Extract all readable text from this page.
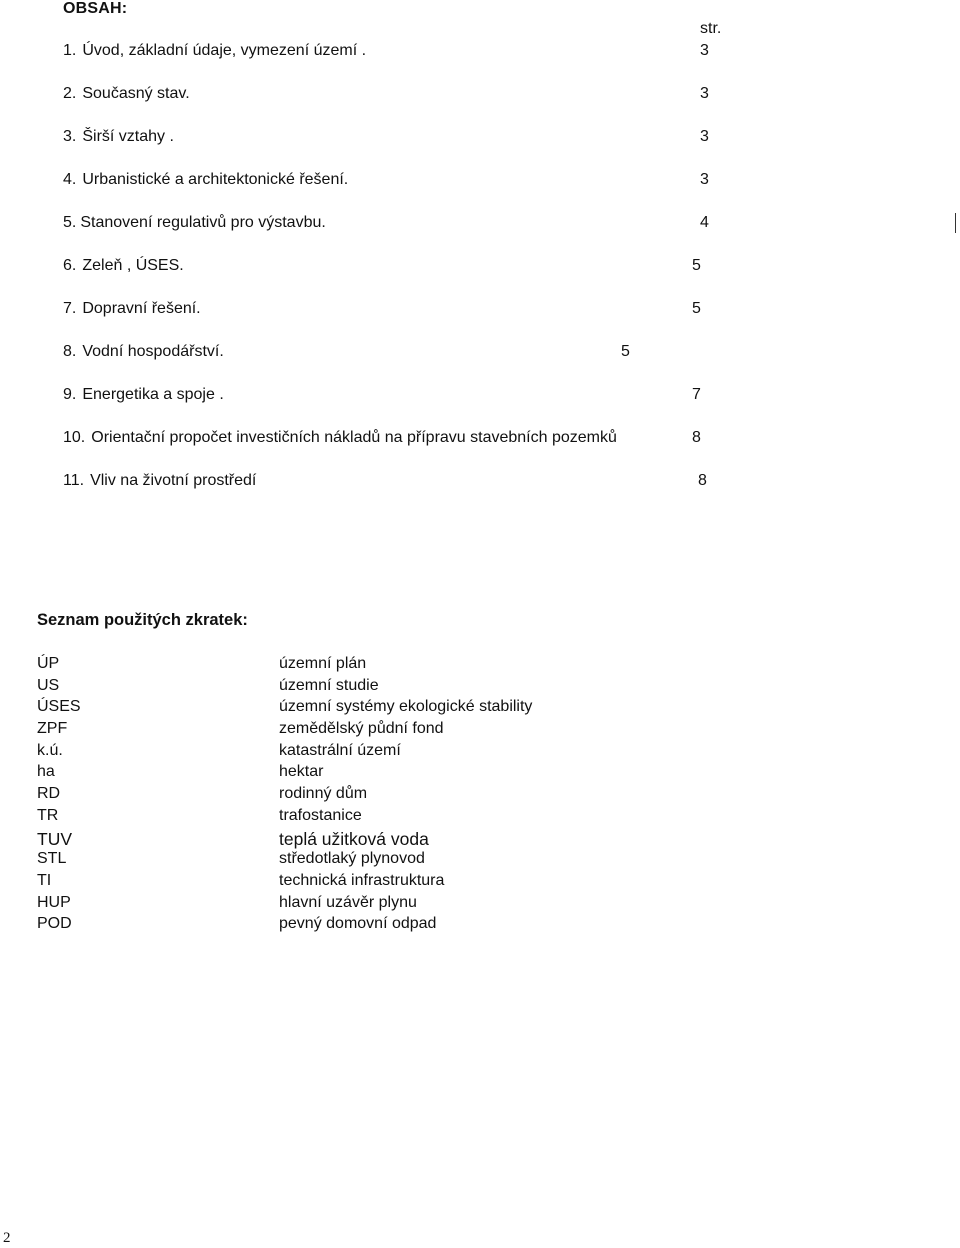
OBSAH:
str.
1. Úvod, základní údaje, vymezení území .	3
2. Současný stav.	3
3. Širší vztahy .	3
4. Urbanistické a architektonické řešení.	3
5. Stanovení regulativů pro výstavbu.	4
6. Zeleň , ÚSES.	5
7. Dopravní řešení.	5
8. Vodní hospodářství.	5
9. Energetika a spoje .	7
10. Orientační propočet investičních nákladů na přípravu stavebních pozemků	8
11. Vliv na životní prostředí	8
Seznam použitých zkratek:
ÚP	územní plán
US	územní studie
ÚSES	územní systémy ekologické stability
ZPF	zemědělský půdní fond
k.ú.	katastrální území
ha	hektar
RD	rodinný dům
TR	trafostanice
TUV	teplá užitková voda
STL	středotlaký plynovod
TI	technická infrastruktura
HUP	hlavní uzávěr plynu
POD	pevný domovní odpad
2
